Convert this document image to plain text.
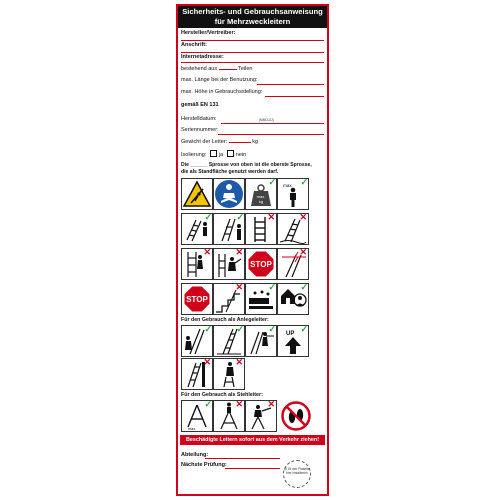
Sicherheits- und Gebrauchsanweisung
für Mehrzweckleitern
Hersteller/Vertreiber:
Anschrift:
Internetadresse:
bestehend aus	Teilen
max. Länge bei der Benutzung:
max. Höhe in Gebrauchsstellung:
gemäß EN 131
Herstelldatum:	(MM/JJJJ)
Seriennummer:
Gewicht der Leiter:	kg
Isolierung: ja nein
Die ______ Sprosse von oben ist die oberste Sprosse,
die als Standfläche genutzt werden darf.
max.
kg
✓ max. ✓
✓	✓	✕	✕
✕	✕
STOP
✕
STOP
✕	✓	✓
Für den Gebrauch als Anlegeleiter:
✓	✓	✓ UP ✓
✕	✕
Für den Gebrauch als Stehleiter:
max.
✓	✕	✕
Beschädigte Leitern sofort aus dem Verkehr ziehen!
Abteilung:
Nächste Prüfung:
Ø 15 mm Plakette hier installieren
